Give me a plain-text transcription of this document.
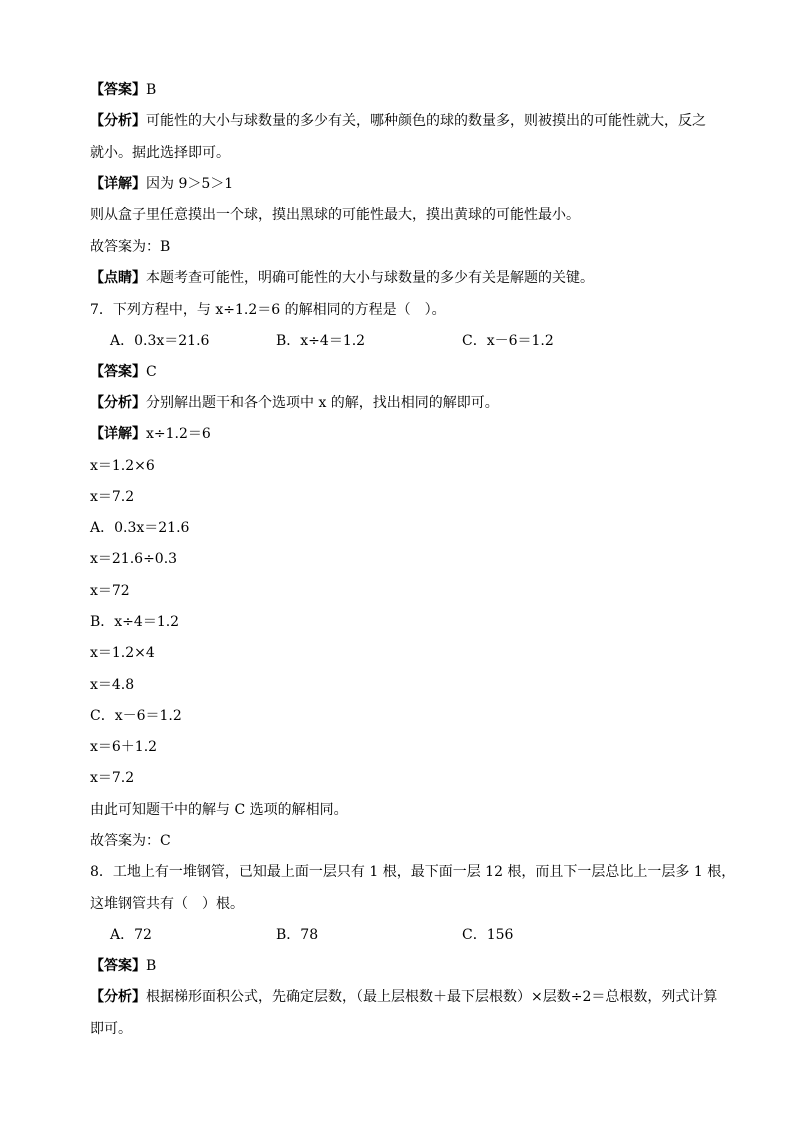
【答案】B
【分析】可能性的大小与球数量的多少有关，哪种颜色的球的数量多，则被摸出的可能性就大，反之
就小。据此选择即可。
【详解】因为 9＞5＞1
则从盒子里任意摸出一个球，摸出黑球的可能性最大，摸出黄球的可能性最小。
故答案为：B
【点睛】本题考查可能性，明确可能性的大小与球数量的多少有关是解题的关键。
7．下列方程中，与 x÷1.2＝6 的解相同的方程是（　）。
A．0.3x＝21.6	B．x÷4＝1.2	C．x－6＝1.2
【答案】C
【分析】分别解出题干和各个选项中 x 的解，找出相同的解即可。
【详解】x÷1.2＝6
x＝1.2×6
x＝7.2
A．0.3x＝21.6
x＝21.6÷0.3
x＝72
B．x÷4＝1.2
x＝1.2×4
x＝4.8
C．x－6＝1.2
x＝6＋1.2
x＝7.2
由此可知题干中的解与 C 选项的解相同。
故答案为：C
8．工地上有一堆钢管，已知最上面一层只有 1 根，最下面一层 12 根，而且下一层总比上一层多 1 根，
这堆钢管共有（　）根。
A．72	B．78	C．156
【答案】B
【分析】根据梯形面积公式，先确定层数，（最上层根数＋最下层根数）×层数÷2＝总根数，列式计算
即可。
